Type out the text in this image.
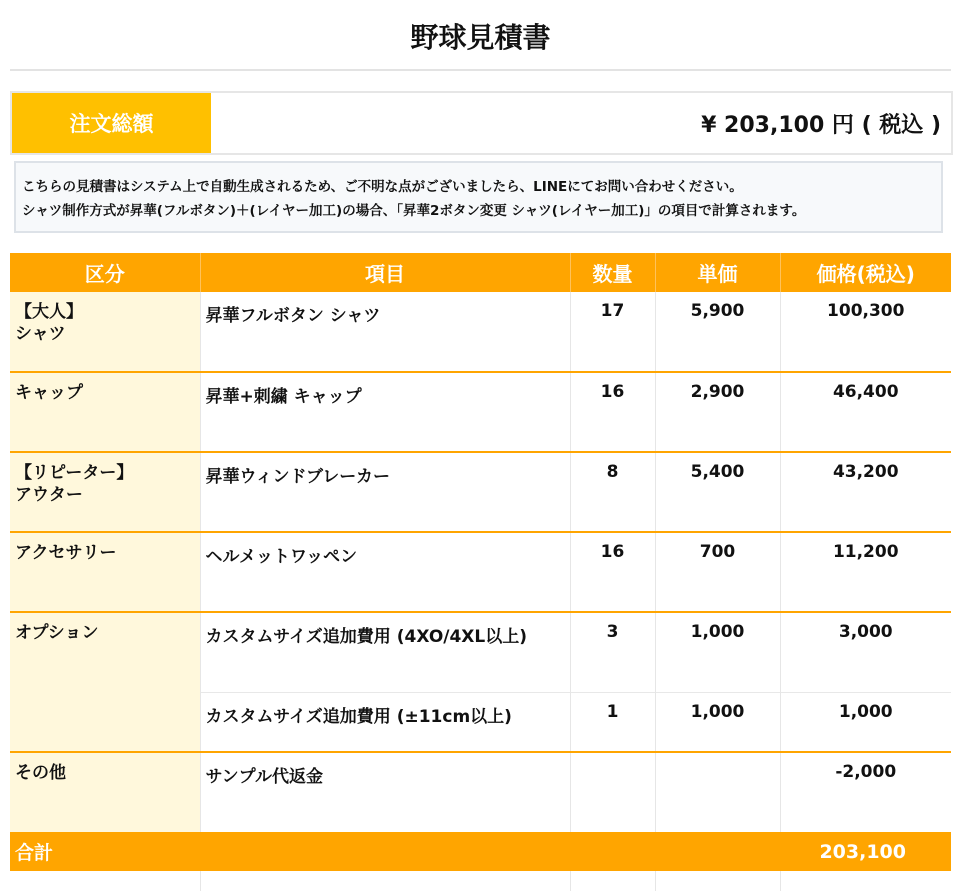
野球見積書
注文総額	¥ 203,100 円 ( 税込 )
こちらの見積書はシステム上で自動生成されるため、ご不明な点がございましたら、LINEにてお問い合わせください。
シャツ制作方式が昇華(フルボタン)＋(レイヤー加工)の場合、「昇華2ボタン変更 シャツ(レイヤー加工)」の項目で計算されます。
区分	項目	数量	単価	価格(税込)

【大人】
シャツ	昇華フルボタン シャツ	17	5,900	100,300

キャップ	昇華+刺繍 キャップ	16	2,900	46,400

【リピーター】
アウター	昇華ウィンドブレーカー	8	5,400	43,200

アクセサリー	ヘルメットワッペン	16	700	11,200

オプション	カスタムサイズ追加費用 (4XO/4XL以上)	3	1,000	3,000
	カスタムサイズ追加費用 (±11cm以上)	1	1,000	1,000

その他	サンプル代返金			-2,000
合計				203,100
